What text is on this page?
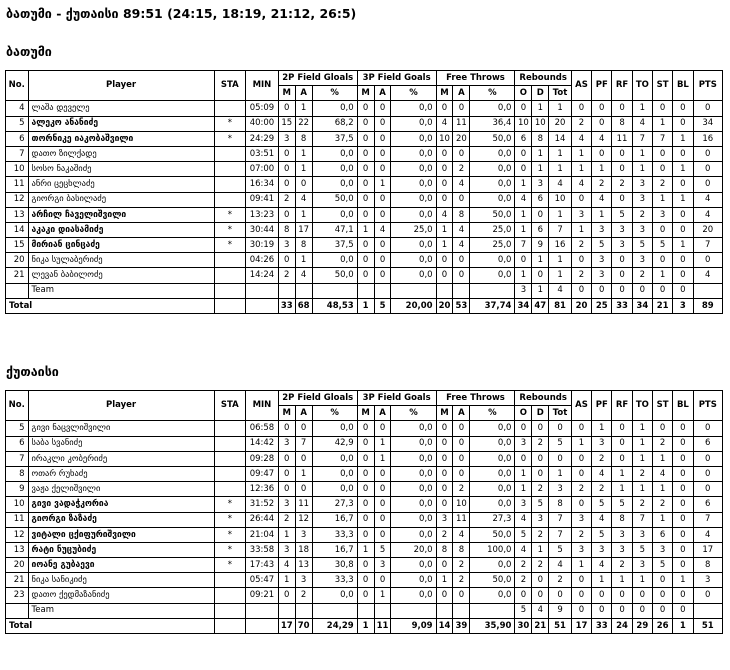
ბათუმი - ქუთაისი 89:51 (24:15, 18:19, 21:12, 26:5)
ბათუმი
No.	Player	STA	MIN	2P Field Gloals			3P Field Goals			Free Throws			Rebounds			AS	PF	RF	TO	ST	BL	PTS
				M	A	%	M	A	%	M	A	%	O	D	Tot							
4	ლაშა დეველე		05:09	0	1	0,0	0	0	0,0	0	0	0,0	0	1	1	0	0	0	1	0	0	0
5	ალეკო ანანიძე	*	40:00	15	22	68,2	0	0	0,0	4	11	36,4	10	10	20	2	0	8	4	1	0	34
6	თორნიკე იაკობაშვილი	*	24:29	3	8	37,5	0	0	0,0	10	20	50,0	6	8	14	4	4	11	7	7	1	16
7	დათო ზილქადე		03:51	0	1	0,0	0	0	0,0	0	0	0,0	0	1	1	1	0	0	1	0	0	0
10	სოსო ნაკაშიძე		07:00	0	1	0,0	0	0	0,0	0	2	0,0	0	1	1	1	1	0	1	0	1	0
11	ანრი ცეცხლაძე		16:34	0	0	0,0	0	1	0,0	0	4	0,0	1	3	4	4	2	2	3	2	0	0
12	გიორგი ბასილაძე		09:41	2	4	50,0	0	0	0,0	0	0	0,0	4	6	10	0	4	0	3	1	1	4
13	არჩილ ჩაველიშვილი	*	13:23	0	1	0,0	0	0	0,0	4	8	50,0	1	0	1	3	1	5	2	3	0	4
14	აკაკი დიასამიძე	*	30:44	8	17	47,1	1	4	25,0	1	4	25,0	1	6	7	1	3	3	3	0	0	20
15	მირიან ცინცაძე	*	30:19	3	8	37,5	0	0	0,0	1	4	25,0	7	9	16	2	5	3	5	5	1	7
20	ნიკა სულაბერიძე		04:26	0	1	0,0	0	0	0,0	0	0	0,0	0	1	1	0	3	0	3	0	0	0
21	ლევან ბაბილოძე		14:24	2	4	50,0	0	0	0,0	0	0	0,0	1	0	1	2	3	0	2	1	0	4
	Team												3	1	4	0	0	0	0	0	0	
Total				33	68	48,53	1	5	20,00	20	53	37,74	34	47	81	20	25	33	34	21	3	89
ქუთაისი
No.	Player	STA	MIN	2P Field Gloals			3P Field Goals			Free Throws			Rebounds			AS	PF	RF	TO	ST	BL	PTS
				M	A	%	M	A	%	M	A	%	O	D	Tot							
5	გივი ნაცვლიშვილი		06:58	0	0	0,0	0	0	0,0	0	0	0,0	0	0	0	0	1	0	1	0	0	0
6	საბა სვანიძე		14:42	3	7	42,9	0	1	0,0	0	0	0,0	3	2	5	1	3	0	1	2	0	6
7	ირაკლი კობერიძე		09:28	0	0	0,0	0	1	0,0	0	0	0,0	0	0	0	0	2	0	1	1	0	0
8	ოთარ რუხაძე		09:47	0	1	0,0	0	0	0,0	0	0	0,0	1	0	1	0	4	1	2	4	0	0
9	ვაჟა ქელიშვილი		12:36	0	0	0,0	0	0	0,0	0	2	0,0	1	2	3	2	2	1	1	1	0	0
10	გივი ვადაჭკორია	*	31:52	3	11	27,3	0	0	0,0	0	10	0,0	3	5	8	0	5	5	2	2	0	6
11	გიორგი ზაზაძე	*	26:44	2	12	16,7	0	0	0,0	3	11	27,3	4	3	7	3	4	8	7	1	0	7
12	ვიტალი ცქიფურიშვილი	*	21:04	1	3	33,3	0	0	0,0	2	4	50,0	5	2	7	2	5	3	3	6	0	4
13	რატი ნუცუბიძე	*	33:58	3	18	16,7	1	5	20,0	8	8	100,0	4	1	5	3	3	3	5	3	0	17
20	იოანე გუბაევი	*	17:43	4	13	30,8	0	3	0,0	0	2	0,0	2	2	4	1	4	2	3	5	0	8
21	ნიკა სანიკიძე		05:47	1	3	33,3	0	0	0,0	1	2	50,0	2	0	2	0	1	1	1	0	1	3
23	დათო ქედმაზანიძე		09:21	0	2	0,0	0	1	0,0	0	0	0,0	0	0	0	0	0	0	0	0	0	0
	Team												5	4	9	0	0	0	0	0	0	
Total				17	70	24,29	1	11	9,09	14	39	35,90	30	21	51	17	33	24	29	26	1	51
